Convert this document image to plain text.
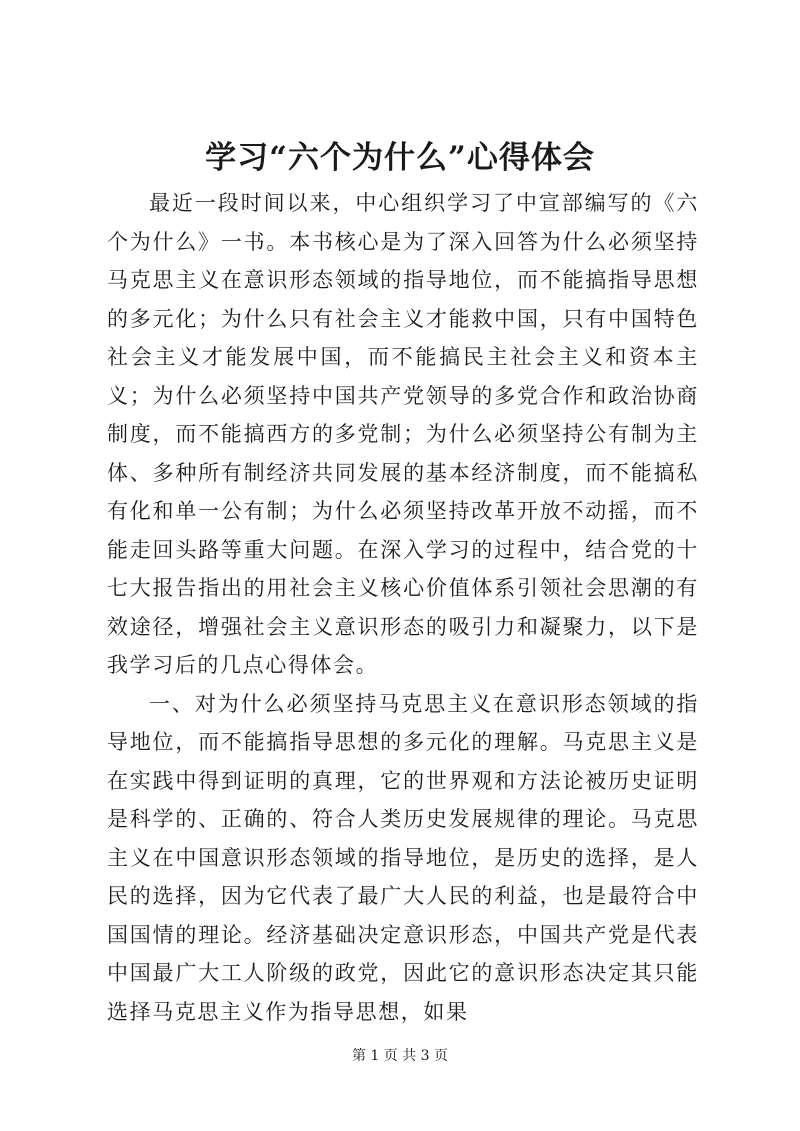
学习“六个为什么”心得体会

最近一段时间以来，中心组织学习了中宣部编写的《六个为什么》一书。本书核心是为了深入回答为什么必须坚持马克思主义在意识形态领域的指导地位，而不能搞指导思想的多元化；为什么只有社会主义才能救中国，只有中国特色社会主义才能发展中国，而不能搞民主社会主义和资本主义；为什么必须坚持中国共产党领导的多党合作和政治协商制度，而不能搞西方的多党制；为什么必须坚持公有制为主体、多种所有制经济共同发展的基本经济制度，而不能搞私有化和单一公有制；为什么必须坚持改革开放不动摇，而不能走回头路等重大问题。在深入学习的过程中，结合党的十七大报告指出的用社会主义核心价值体系引领社会思潮的有效途径，增强社会主义意识形态的吸引力和凝聚力，以下是我学习后的几点心得体会。

一、对为什么必须坚持马克思主义在意识形态领域的指导地位，而不能搞指导思想的多元化的理解。马克思主义是在实践中得到证明的真理，它的世界观和方法论被历史证明是科学的、正确的、符合人类历史发展规律的理论。马克思主义在中国意识形态领域的指导地位，是历史的选择，是人民的选择，因为它代表了最广大人民的利益，也是最符合中国国情的理论。经济基础决定意识形态，中国共产党是代表中国最广大工人阶级的政党，因此它的意识形态决定其只能选择马克思主义作为指导思想，如果

第 1 页 共 3 页
